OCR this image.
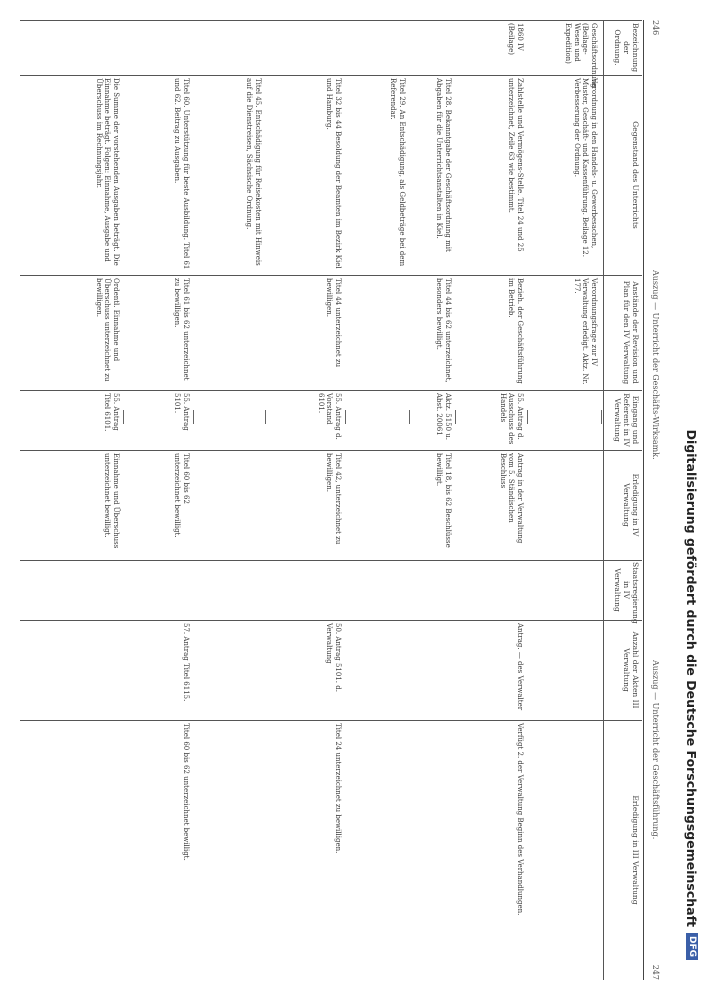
246
Auszug — Unterricht der Geschäfts-Wirksamk.
Auszug — Unterricht der Geschäftsführung.
247
Bezeichnung der Ordnung.
Gegenstand des Unterrichts
Anstände der Revision und Plan für den IV Verwaltung
Eingang und Referent in IV Verwaltung
Erledigung in IV Verwaltung
Staatsregierung in IV Verwaltung
Anzahl der Akten III Verwaltung
Erledigung in III Verwaltung
Geschäftsordnung (Beilage-Wesen und Expedition)
Verordnung in den Handels- u. Gewerbesachen, Muster, Geschäft- und Kassenführung. Beilage 12. Verbesserung der Ordnung.
Verordnungsfrage zur IV Verwaltung erledigt. Aktz. Nr. 177.
1860 IV (Beilage)
Zahlstelle und Vermögens-Stelle. Titel 24 und 25 unterzeichnet, Zeile 63 wie bestimmt.
Bezieh. der Geschäftsführung im Betrieb.
55. Antrag d. Ausschuss des Handels
Antrag in der Verwaltung vom 5. Ständischen Beschluss
Antrag. — des Verwalter
Verfügt 2. der Verwaltung Beginn des Verhandlungen.
Titel 28. Bekanntgabe der Geschäftsordnung mit Abgaben für die Unterrichtsanstalten in Kiel.
Titel 44 bis 62 unterzeichnet, besonders bewilligt.
Aktz. 5150 u. Abst. 20061
Titel 18, bis 62 Beschlüsse bewilligt.
Titel 29. An Entschädigung, als Geldbeträge bei dem Referendar.
Titel 32 bis 44 Besoldung der Beamten im Bezirk Kiel und Hamburg.
Titel 44 unterzeichnet zu bewilligen.
55. Antrag d. Vorstand 6101.
Titel 42, unterzeichnet zu bewilligen.
50. Antrag 5101. d. Verwaltung
Titel 24 unterzeichnet zu bewilligen.
Titel 45. Entschädigung für Reisekosten mit Hinweis auf die Dienstreisen, Sächsische Ordnung.
Titel 60. Unterstützung für beste Ausbildung. Titel 61 und 62. Beitrag zu Ausgaben.
Titel 61 bis 62 unterzeichnet zu bewilligen.
55. Antrag 5101.
Titel 60 bis 62 unterzeichnet bewilligt.
57. Antrag Titel 6115.
Titel 60 bis 62 unterzeichnet bewilligt.
Die Summe der vorstehenden Ausgaben beträgt. Die Einnahme beträgt. Folgen: Einnahme, Ausgabe und Überschuss im Rechnungsjahr.
Ordentl. Einnahme und Überschuss unterzeichnet zu bewilligen.
55. Antrag Titel 6101.
Einnahme und Überschuss unterzeichnet bewilligt.	Digitalisierung gefördert durch die Deutsche Forschungsgemeinschaft
DFG
